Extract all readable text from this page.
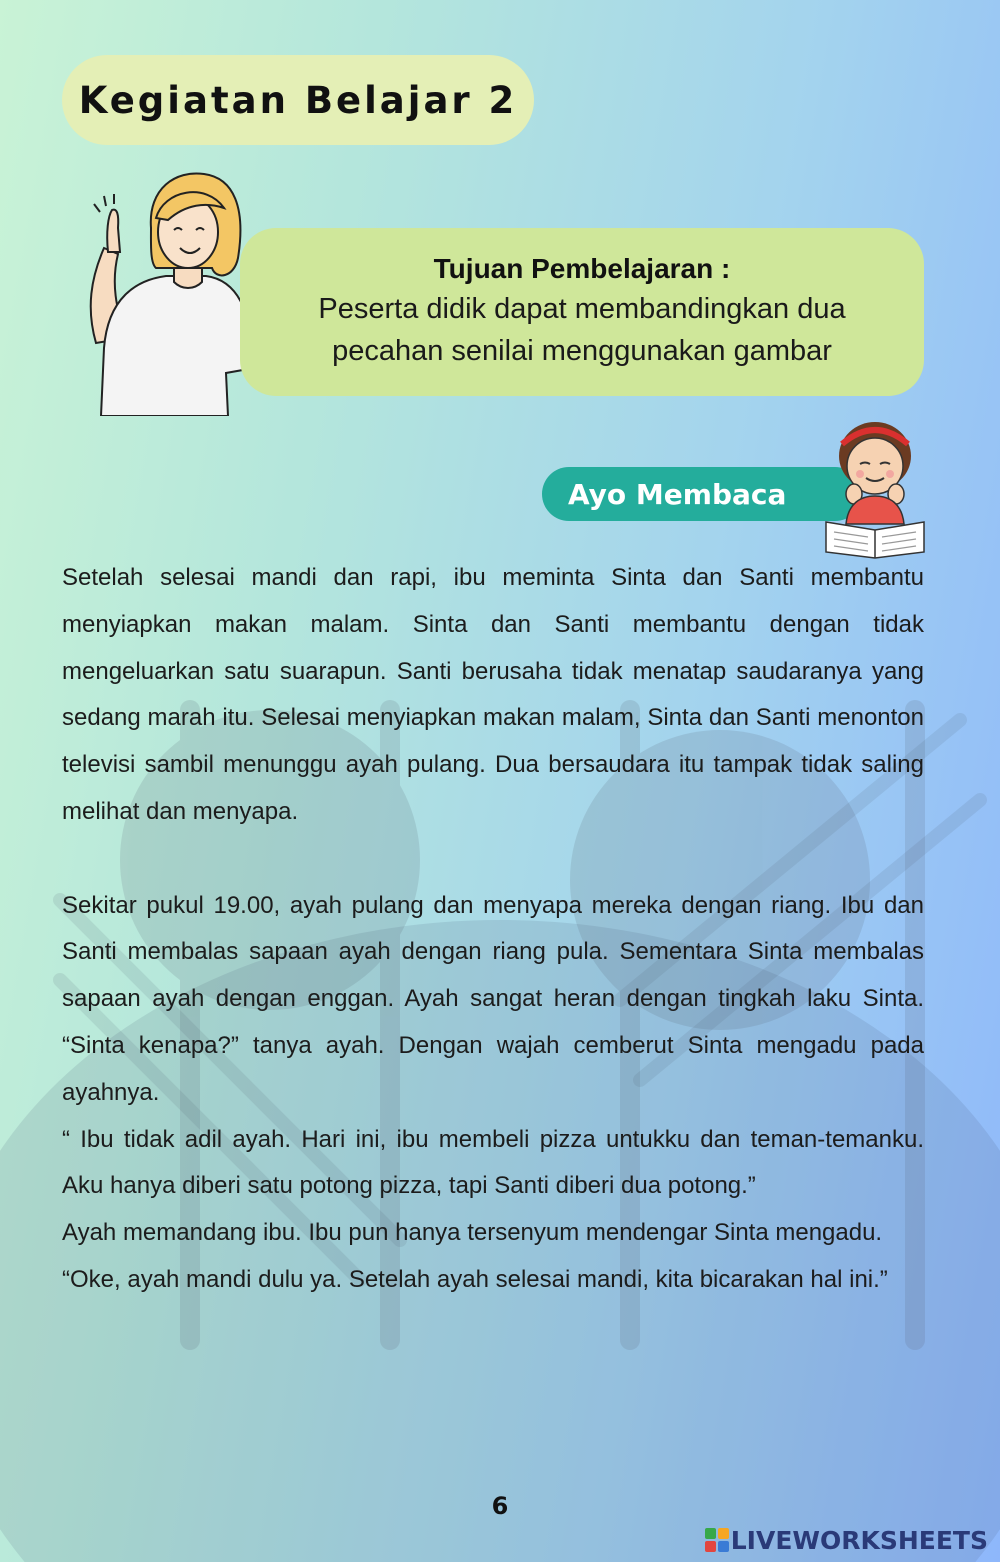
Kegiatan Belajar 2
Tujuan Pembelajaran :
Peserta didik dapat membandingkan dua
pecahan senilai menggunakan gambar
Ayo Membaca

Setelah selesai mandi dan rapi, ibu meminta Sinta dan Santi membantu menyiapkan makan malam. Sinta dan Santi membantu dengan tidak mengeluarkan satu suarapun. Santi berusaha tidak menatap saudaranya yang sedang marah itu. Selesai menyiapkan makan malam, Sinta dan Santi menonton televisi sambil menunggu ayah pulang. Dua bersaudara itu tampak tidak saling melihat dan menyapa.

Sekitar pukul 19.00, ayah pulang dan menyapa mereka dengan riang. Ibu dan Santi membalas sapaan ayah dengan riang pula. Sementara Sinta membalas sapaan ayah dengan enggan. Ayah sangat heran dengan tingkah laku Sinta. “Sinta kenapa?” tanya ayah. Dengan wajah cemberut Sinta mengadu pada ayahnya.

“ Ibu tidak adil ayah. Hari ini, ibu membeli pizza untukku dan teman-temanku. Aku hanya diberi satu potong pizza, tapi Santi diberi dua potong.”

Ayah memandang ibu. Ibu pun hanya tersenyum mendengar Sinta mengadu.

“Oke, ayah mandi dulu ya. Setelah ayah selesai mandi, kita bicarakan hal ini.”

6
LIVEWORKSHEETS
